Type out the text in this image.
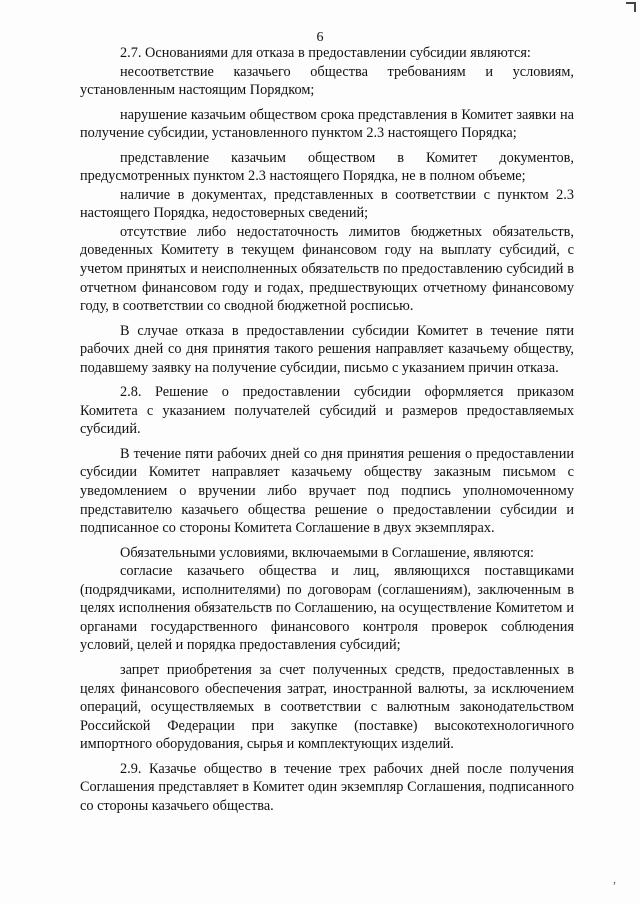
6

2.7. Основаниями для отказа в предоставлении субсидии являются:

несоответствие казачьего общества требованиям и условиям, установленным настоящим Порядком;

нарушение казачьим обществом срока представления в Комитет заявки на получение субсидии, установленного пунктом 2.3 настоящего Порядка;

представление казачьим обществом в Комитет документов, предусмотренных пунктом 2.3 настоящего Порядка, не в полном объеме;

наличие в документах, представленных в соответствии с пунктом 2.3 настоящего Порядка, недостоверных сведений;

отсутствие либо недостаточность лимитов бюджетных обязательств, доведенных Комитету в текущем финансовом году на выплату субсидий, с учетом принятых и неисполненных обязательств по предоставлению субсидий в отчетном финансовом году и годах, предшествующих отчетному финансовому году, в соответствии со сводной бюджетной росписью.

В случае отказа в предоставлении субсидии Комитет в течение пяти рабочих дней со дня принятия такого решения направляет казачьему обществу, подавшему заявку на получение субсидии, письмо с указанием причин отказа.

2.8. Решение о предоставлении субсидии оформляется приказом Комитета с указанием получателей субсидий и размеров предоставляемых субсидий.

В течение пяти рабочих дней со дня принятия решения о предоставлении субсидии Комитет направляет казачьему обществу заказным письмом с уведомлением о вручении либо вручает под подпись уполномоченному представителю казачьего общества решение о предоставлении субсидии и подписанное со стороны Комитета Соглашение в двух экземплярах.

Обязательными условиями, включаемыми в Соглашение, являются:

согласие казачьего общества и лиц, являющихся поставщиками (подрядчиками, исполнителями) по договорам (соглашениям), заключенным в целях исполнения обязательств по Соглашению, на осуществление Комитетом и органами государственного финансового контроля проверок соблюдения условий, целей и порядка предоставления субсидий;

запрет приобретения за счет полученных средств, предоставленных в целях финансового обеспечения затрат, иностранной валюты, за исключением операций, осуществляемых в соответствии с валютным законодательством Российской Федерации при закупке (поставке) высокотехнологичного импортного оборудования, сырья и комплектующих изделий.

2.9. Казачье общество в течение трех рабочих дней после получения Соглашения представляет в Комитет один экземпляр Соглашения, подписанного со стороны казачьего общества.

,
